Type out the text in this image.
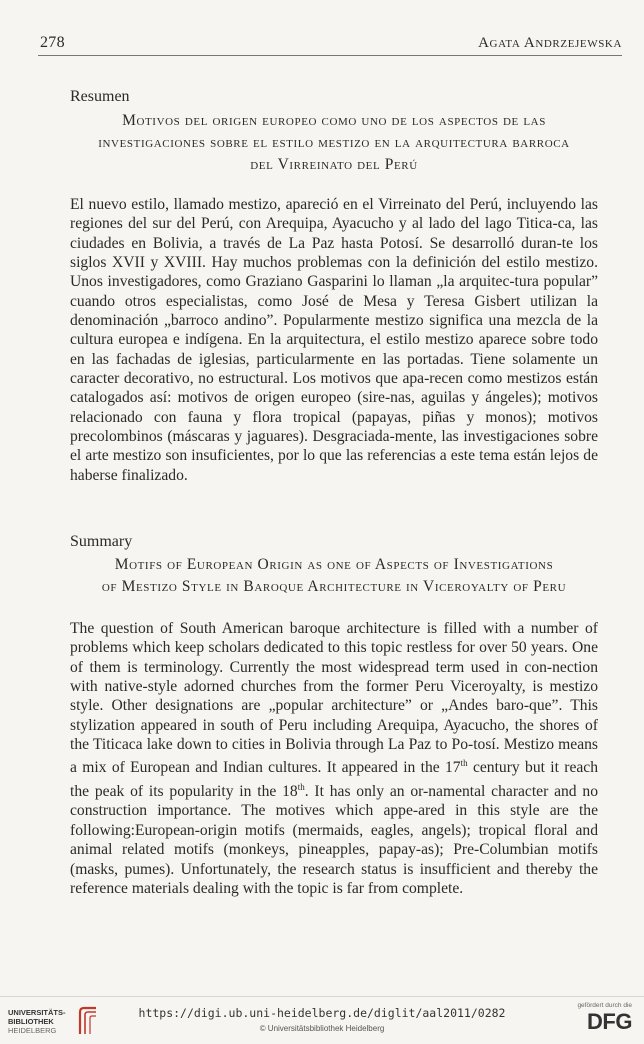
278	Agata Andrzejewska

Resumen

Motivos del origen europeo como uno de los aspectos de las

investigaciones sobre el estilo mestizo en la arquitectura barroca

del Virreinato del Perú

El nuevo estilo, llamado mestizo, apareció en el Virreinato del Perú, incluyendo las regiones del sur del Perú, con Arequipa, Ayacucho y al lado del lago Titica-ca, las ciudades en Bolivia, a través de La Paz hasta Potosí. Se desarrolló duran-te los siglos XVII y XVIII. Hay muchos problemas con la definición del estilo mestizo. Unos investigadores, como Graziano Gasparini lo llaman „la arquitec-tura popular” cuando otros especialistas, como José de Mesa y Teresa Gisbert utilizan la denominación „barroco andino”. Popularmente mestizo significa una mezcla de la cultura europea e indígena. En la arquitectura, el estilo mestizo aparece sobre todo en las fachadas de iglesias, particularmente en las portadas. Tiene solamente un caracter decorativo, no estructural. Los motivos que apa-recen como mestizos están catalogados así: motivos de origen europeo (sire-nas, aguilas y ángeles); motivos relacionado con fauna y flora tropical (papayas, piñas y monos); motivos precolombinos (máscaras y jaguares). Desgraciada-mente, las investigaciones sobre el arte mestizo son insuficientes, por lo que las referencias a este tema están lejos de haberse finalizado.

Summary

Motifs of European Origin as one of Aspects of Investigations

of Mestizo Style in Baroque Architecture in Viceroyalty of Peru

The question of South American baroque architecture is filled with a number of problems which keep scholars dedicated to this topic restless for over 50 years. One of them is terminology. Currently the most widespread term used in con-nection with native-style adorned churches from the former Peru Viceroyalty, is mestizo style. Other designations are „popular architecture” or „Andes baro-que”. This stylization appeared in south of Peru including Arequipa, Ayacucho, the shores of the Titicaca lake down to cities in Bolivia through La Paz to Po-tosí. Mestizo means a mix of European and Indian cultures. It appeared in the 17th century but it reach the peak of its popularity in the 18th. It has only an or-namental character and no construction importance. The motives which appe-ared in this style are the following:European-origin motifs (mermaids, eagles, angels); tropical floral and animal related motifs (monkeys, pineapples, papay-as); Pre-Columbian motifs (masks, pumes). Unfortunately, the research status is insufficient and thereby the reference materials dealing with the topic is far from complete.

UNIVERSITÄTS-
BIBLIOTHEK
HEIDELBERG
https://digi.ub.uni-heidelberg.de/diglit/aal2011/0282
© Universitätsbibliothek Heidelberg
gefördert durch die
DFG
